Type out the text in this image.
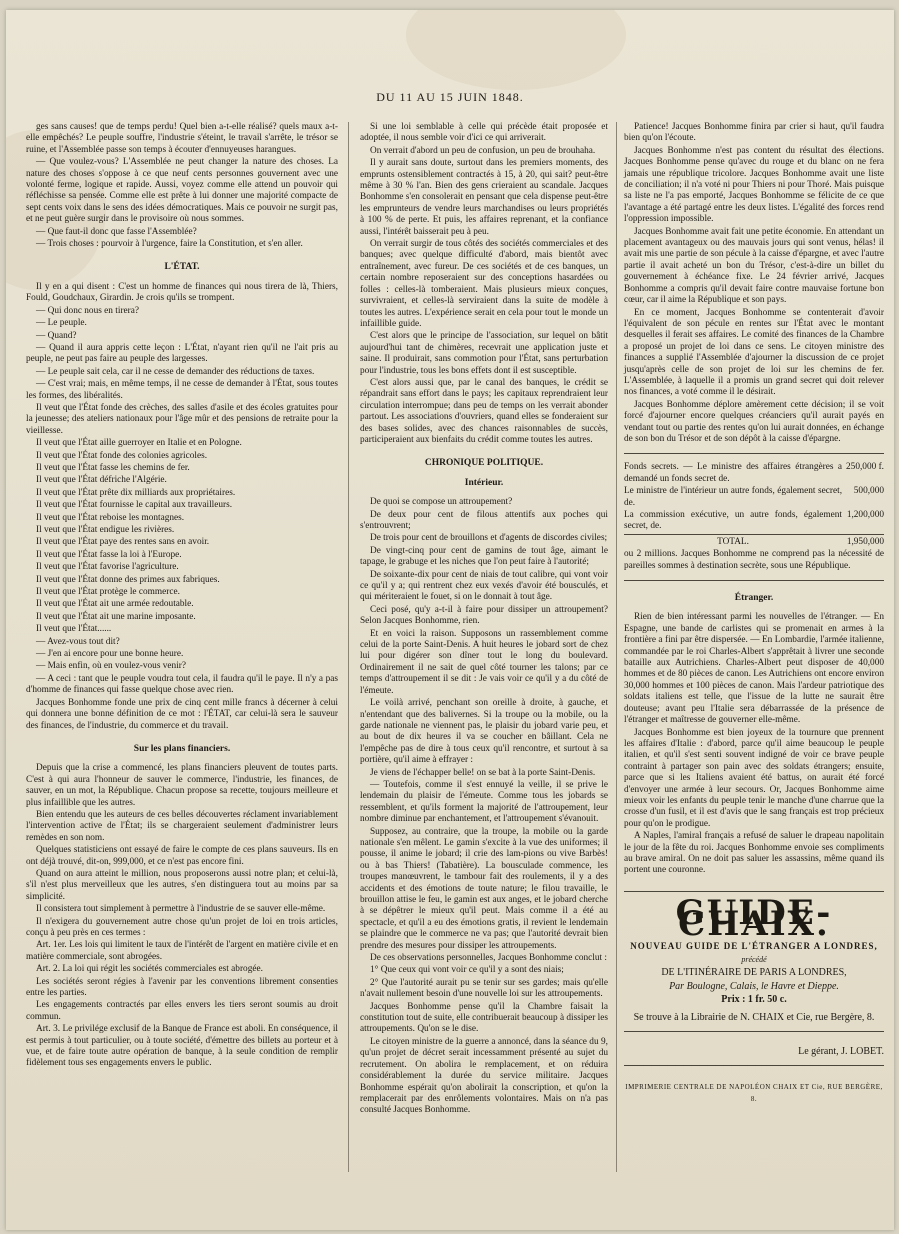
DU 11 AU 15 JUIN 1848.

ges sans causes! que de temps perdu! Quel bien a-t-elle réalisé? quels maux a-t-elle empêchés? Le peuple souffre, l'industrie s'éteint, le travail s'arrête, le trésor se ruine, et l'Assemblée passe son temps à écouter d'ennuyeuses harangues.

— Que voulez-vous? L'Assemblée ne peut changer la nature des choses. La nature des choses s'oppose à ce que neuf cents personnes gouvernent avec une volonté ferme, logique et rapide. Aussi, voyez comme elle attend un pouvoir qui réfléchisse sa pensée. Comme elle est prête à lui donner une majorité compacte de sept cents voix dans le sens des idées démocratiques. Mais ce pouvoir ne surgit pas, et ne peut guère surgir dans le provisoire où nous sommes.

— Que faut-il donc que fasse l'Assemblée?

— Trois choses : pourvoir à l'urgence, faire la Constitution, et s'en aller.

L'ÉTAT.

Il y en a qui disent : C'est un homme de finances qui nous tirera de là, Thiers, Fould, Goudchaux, Girardin. Je crois qu'ils se trompent.

— Qui donc nous en tirera?

— Le peuple.

— Quand?

— Quand il aura appris cette leçon : L'État, n'ayant rien qu'il ne l'ait pris au peuple, ne peut pas faire au peuple des largesses.

— Le peuple sait cela, car il ne cesse de demander des réductions de taxes.

— C'est vrai; mais, en même temps, il ne cesse de demander à l'État, sous toutes les formes, des libéralités.

Il veut que l'État fonde des crèches, des salles d'asile et des écoles gratuites pour la jeunesse; des ateliers nationaux pour l'âge mûr et des pensions de retraite pour la vieillesse.

Il veut que l'État aille guerroyer en Italie et en Pologne.

Il veut que l'État fonde des colonies agricoles.

Il veut que l'État fasse les chemins de fer.

Il veut que l'État défriche l'Algérie.

Il veut que l'État prête dix milliards aux propriétaires.

Il veut que l'État fournisse le capital aux travailleurs.

Il veut que l'État reboise les montagnes.

Il veut que l'État endigue les rivières.

Il veut que l'État paye des rentes sans en avoir.

Il veut que l'État fasse la loi à l'Europe.

Il veut que l'État favorise l'agriculture.

Il veut que l'État donne des primes aux fabriques.

Il veut que l'État protège le commerce.

Il veut que l'État ait une armée redoutable.

Il veut que l'État ait une marine imposante.

Il veut que l'État......

— Avez-vous tout dit?

— J'en ai encore pour une bonne heure.

— Mais enfin, où en voulez-vous venir?

— A ceci : tant que le peuple voudra tout cela, il faudra qu'il le paye. Il n'y a pas d'homme de finances qui fasse quelque chose avec rien.

Jacques Bonhomme fonde une prix de cinq cent mille francs à décerner à celui qui donnera une bonne définition de ce mot : l'ÉTAT, car celui-là sera le sauveur des finances, de l'industrie, du commerce et du travail.

Sur les plans financiers.

Depuis que la crise a commencé, les plans financiers pleuvent de toutes parts. C'est à qui aura l'honneur de sauver le commerce, l'industrie, les finances, de sauver, en un mot, la République. Chacun propose sa recette, toujours meilleure et plus infaillible que les autres.

Bien entendu que les auteurs de ces belles découvertes réclament invariablement l'intervention active de l'État; ils se chargeraient seulement d'administrer leurs remèdes en son nom.

Quelques statisticiens ont essayé de faire le compte de ces plans sauveurs. Ils en ont déjà trouvé, dit-on, 999,000, et ce n'est pas encore fini.

Quand on aura atteint le million, nous proposerons aussi notre plan; et celui-là, s'il n'est plus merveilleux que les autres, s'en distinguera tout au moins par sa simplicité.

Il consistera tout simplement à permettre à l'industrie de se sauver elle-même.

Il n'exigera du gouvernement autre chose qu'un projet de loi en trois articles, conçu à peu près en ces termes :

Art. 1er. Les lois qui limitent le taux de l'intérêt de l'argent en matière civile et en matière commerciale, sont abrogées.

Art. 2. La loi qui régit les sociétés commerciales est abrogée.

Les sociétés seront régies à l'avenir par les conventions librement consenties entre les parties.

Les engagements contractés par elles envers les tiers seront soumis au droit commun.

Art. 3. Le privilége exclusif de la Banque de France est aboli. En conséquence, il est permis à tout particulier, ou à toute société, d'émettre des billets au porteur et à vue, et de faire toute autre opération de banque, à la seule condition de remplir fidèlement tous ses engagements envers le public.

Si une loi semblable à celle qui précède était proposée et adoptée, il nous semble voir d'ici ce qui arriverait.

On verrait d'abord un peu de confusion, un peu de brouhaha.

Il y aurait sans doute, surtout dans les premiers moments, des emprunts ostensiblement contractés à 15, à 20, qui sait? peut-être même à 30 % l'an. Bien des gens crieraient au scandale. Jacques Bonhomme s'en consolerait en pensant que cela dispense peut-être les emprunteurs de vendre leurs marchandises ou leurs propriétés à 100 % de perte. Et puis, les affaires reprenant, et la confiance aussi, l'intérêt baisserait peu à peu.

On verrait surgir de tous côtés des sociétés commerciales et des banques; avec quelque difficulté d'abord, mais bientôt avec entraînement, avec fureur. De ces sociétés et de ces banques, un certain nombre reposeraient sur des conceptions hasardées ou folles : celles-là tomberaient. Mais plusieurs mieux conçues, survivraient, et celles-là serviraient dans la suite de modèle à toutes les autres. L'expérience serait en cela pour tout le monde un infaillible guide.

C'est alors que le principe de l'association, sur lequel on bâtit aujourd'hui tant de chimères, recevrait une application juste et saine. Il produirait, sans commotion pour l'État, sans perturbation pour l'industrie, tous les bons effets dont il est susceptible.

C'est alors aussi que, par le canal des banques, le crédit se répandrait sans effort dans le pays; les capitaux reprendraient leur circulation interrompue; dans peu de temps on les verrait abonder partout. Les associations d'ouvriers, quand elles se fonderaient sur des bases solides, avec des chances raisonnables de succès, participeraient aux bienfaits du crédit comme toutes les autres.

CHRONIQUE POLITIQUE.
Intérieur.

De quoi se compose un attroupement?

De deux pour cent de filous attentifs aux poches qui s'entrouvrent;

De trois pour cent de brouillons et d'agents de discordes civiles;

De vingt-cinq pour cent de gamins de tout âge, aimant le tapage, le grabuge et les niches que l'on peut faire à l'autorité;

De soixante-dix pour cent de niais de tout calibre, qui vont voir ce qu'il y a; qui rentrent chez eux vexés d'avoir été bousculés, et qui mériteraient le fouet, si on le donnait à tout âge.

Ceci posé, qu'y a-t-il à faire pour dissiper un attroupement? Selon Jacques Bonhomme, rien.

Et en voici la raison. Supposons un rassemblement comme celui de la porte Saint-Denis. A huit heures le jobard sort de chez lui pour digérer son dîner tout le long du boulevard. Ordinairement il ne sait de quel côté tourner les talons; par ce temps d'attroupement il se dit : Je vais voir ce qu'il y a du côté de l'émeute.

Le voilà arrivé, penchant son oreille à droite, à gauche, et n'entendant que des balivernes. Si la troupe ou la mobile, ou la garde nationale ne viennent pas, le plaisir du jobard varie peu, et au bout de dix heures il va se coucher en bâillant. Cela ne l'empêche pas de dire à tous ceux qu'il rencontre, et surtout à sa portière, qu'il aime à effrayer :

Je viens de l'échapper belle! on se bat à la porte Saint-Denis.

— Toutefois, comme il s'est ennuyé la veille, il se prive le lendemain du plaisir de l'émeute. Comme tous les jobards se ressemblent, et qu'ils forment la majorité de l'attroupement, leur nombre diminue par enchantement, et l'attroupement s'évanouit.

Supposez, au contraire, que la troupe, la mobile ou la garde nationale s'en mêlent. Le gamin s'excite à la vue des uniformes; il pousse, il anime le jobard; il crie des lam-pions ou vive Barbès! ou à bas Thiers! (Tabatière). La bousculade commence, les troupes manœuvrent, le tambour fait des roulements, il y a des accidents et des émotions de toute nature; le filou travaille, le brouillon attise le feu, le gamin est aux anges, et le jobard cherche à se dépêtrer le mieux qu'il peut. Mais comme il a été au spectacle, et qu'il a eu des émotions gratis, il revient le lendemain se plaindre que le commerce ne va pas; que l'autorité devrait bien prendre des mesures pour dissiper les attroupements.

De ces observations personnelles, Jacques Bonhomme conclut :

1° Que ceux qui vont voir ce qu'il y a sont des niais;

2° Que l'autorité aurait pu se tenir sur ses gardes; mais qu'elle n'avait nullement besoin d'une nouvelle loi sur les attroupements.

Jacques Bonhomme pense qu'il la Chambre faisait la constitution tout de suite, elle contribuerait beaucoup à dissiper les attroupements. Qu'on se le dise.

Le citoyen ministre de la guerre a annoncé, dans la séance du 9, qu'un projet de décret serait incessamment présenté au sujet du recrutement. On abolira le remplacement, et on réduira considérablement la durée du service militaire. Jacques Bonhomme espérait qu'on abolirait la conscription, et qu'on la remplacerait par des enrôlements volontaires. Mais on n'a pas consulté Jacques Bonhomme.

Patience! Jacques Bonhomme finira par crier si haut, qu'il faudra bien qu'on l'écoute.

Jacques Bonhomme n'est pas content du résultat des élections. Jacques Bonhomme pense qu'avec du rouge et du blanc on ne fera jamais une république tricolore. Jacques Bonhomme avait une liste de conciliation; il n'a voté ni pour Thiers ni pour Thoré. Mais puisque sa liste ne l'a pas emporté, Jacques Bonhomme se félicite de ce que l'avantage a été partagé entre les deux listes. L'égalité des forces rend l'oppression impossible.

Jacques Bonhomme avait fait une petite économie. En attendant un placement avantageux ou des mauvais jours qui sont venus, hélas! il avait mis une partie de son pécule à la caisse d'épargne, et avec l'autre partie il avait acheté un bon du Trésor, c'est-à-dire un billet du gouvernement à échéance fixe. Le 24 février arrivé, Jacques Bonhomme a compris qu'il devait faire contre mauvaise fortune bon cœur, car il aime la République et son pays.

En ce moment, Jacques Bonhomme se contenterait d'avoir l'équivalent de son pécule en rentes sur l'État avec le montant desquelles il ferait ses affaires. Le comité des finances de la Chambre a proposé un projet de loi dans ce sens. Le citoyen ministre des finances a supplié l'Assemblée d'ajourner la discussion de ce projet jusqu'après celle de son projet de loi sur les chemins de fer. L'Assemblée, à laquelle il a promis un grand secret qui doit relever nos finances, a voté comme il le désirait.

Jacques Bonhomme déplore amèrement cette décision; il se voit forcé d'ajourner encore quelques créanciers qu'il aurait payés en vendant tout ou partie des rentes qu'on lui aurait données, en échange de son bon du Trésor et de son dépôt à la caisse d'épargne.

Fonds secrets. — Le ministre des affaires étrangères a demandé un fonds secret de.	250,000 f.
Le ministre de l'intérieur un autre fonds, également secret, de.	500,000
La commission exécutive, un autre fonds, également secret, de.	1,200,000
TOTAL.	1,950,000

ou 2 millions. Jacques Bonhomme ne comprend pas la nécessité de pareilles sommes à destination secrète, sous une République.

Étranger.

Rien de bien intéressant parmi les nouvelles de l'étranger. — En Espagne, une bande de carlistes qui se promenait en armes à la frontière a fini par être dispersée. — En Lombardie, l'armée italienne, commandée par le roi Charles-Albert s'apprêtait à livrer une seconde bataille aux Autrichiens. Charles-Albert peut disposer de 40,000 hommes et de 80 pièces de canon. Les Autrichiens ont encore environ 30,000 hommes et 100 pièces de canon. Mais l'ardeur patriotique des soldats italiens est telle, que l'issue de la lutte ne saurait être douteuse; avant peu l'Italie sera débarrassée de la présence de l'étranger et maîtresse de gouverner elle-même.

Jacques Bonhomme est bien joyeux de la tournure que prennent les affaires d'Italie : d'abord, parce qu'il aime beaucoup le peuple italien, et qu'il s'est senti souvent indigné de voir ce brave peuple contraint à partager son pain avec des soldats étrangers; ensuite, parce que si les Italiens avaient été battus, on aurait été forcé d'envoyer une armée à leur secours. Or, Jacques Bonhomme aime mieux voir les enfants du peuple tenir le manche d'une charrue que la crosse d'un fusil, et il est d'avis que le sang français est trop précieux pour qu'on le prodigue.

A Naples, l'amiral français a refusé de saluer le drapeau napolitain le jour de la fête du roi. Jacques Bonhomme envoie ses compliments au brave amiral. On ne doit pas saluer les assassins, même quand ils portent une couronne.

GUIDE-CHAIX.
NOUVEAU GUIDE DE L'ÉTRANGER A LONDRES,
précédé
DE L'ITINÉRAIRE DE PARIS A LONDRES,
Par Boulogne, Calais, le Havre et Dieppe.
Prix : 1 fr. 50 c.
Se trouve à la Librairie de N. CHAIX et Cie, rue Bergère, 8.
Le gérant, J. LOBET.
IMPRIMERIE CENTRALE DE NAPOLÉON CHAIX ET Cie, RUE BERGÈRE, 8.
